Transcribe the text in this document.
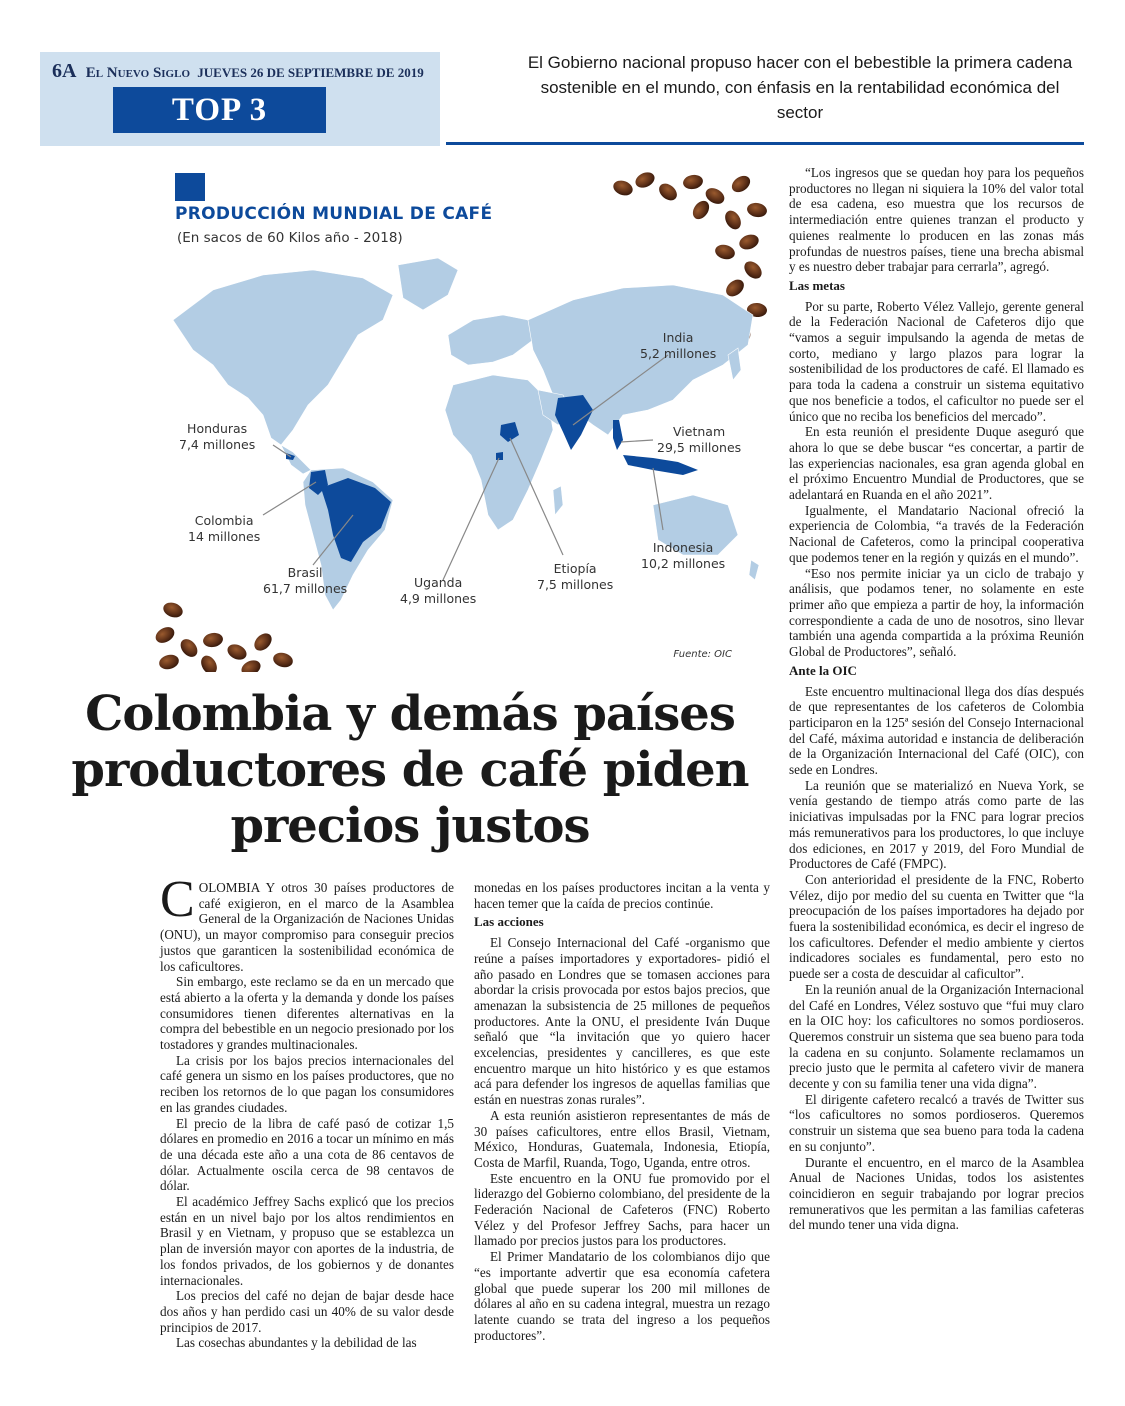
6A El Nuevo Siglo JUEVES 26 DE SEPTIEMBRE DE 2019
TOP 3
El Gobierno nacional propuso hacer con el bebestible la primera cadena sostenible en el mundo, con énfasis en la rentabilidad económica del sector
PRODUCCIÓN MUNDIAL DE CAFÉ
(En sacos de 60 Kilos año - 2018)
India
5,2 millones
Honduras
7,4 millones
Vietnam
29,5 millones
Colombia
14 millones
Indonesia
10,2 millones
Brasil
61,7 millones	Uganda
4,9 millones
Etiopía
7,5 millones
Fuente: OIC
Colombia y demás países productores de café piden precios justos

COLOMBIA Y otros 30 países productores de café exigieron, en el marco de la Asamblea General de la Organización de Naciones Unidas (ONU), un mayor compromiso para conseguir precios justos que garanticen la sostenibilidad económica de los caficultores.

Sin embargo, este reclamo se da en un mercado que está abierto a la oferta y la demanda y donde los países consumidores tienen diferentes alternativas en la compra del bebestible en un negocio presionado por los tostadores y grandes multinacionales.

La crisis por los bajos precios internacionales del café genera un sismo en los países productores, que no reciben los retornos de lo que pagan los consumidores en las grandes ciudades.

El precio de la libra de café pasó de cotizar 1,5 dólares en promedio en 2016 a tocar un mínimo en más de una década este año a una cota de 86 centavos de dólar. Actualmente oscila cerca de 98 centavos de dólar.

El académico Jeffrey Sachs explicó que los precios están en un nivel bajo por los altos rendimientos en Brasil y en Vietnam, y propuso que se establezca un plan de inversión mayor con aportes de la industria, de los fondos privados, de los gobiernos y de donantes internacionales.

Los precios del café no dejan de bajar desde hace dos años y han perdido casi un 40% de su valor desde principios de 2017.

Las cosechas abundantes y la debilidad de las

monedas en los países productores incitan a la venta y hacen temer que la caída de precios continúe.

Las acciones

El Consejo Internacional del Café -organismo que reúne a países importadores y exportadores- pidió el año pasado en Londres que se tomasen acciones para abordar la crisis provocada por estos bajos precios, que amenazan la subsistencia de 25 millones de pequeños productores. Ante la ONU, el presidente Iván Duque señaló que “la invitación que yo quiero hacer excelencias, presidentes y cancilleres, es que este encuentro marque un hito histórico y es que estamos acá para defender los ingresos de aquellas familias que están en nuestras zonas rurales”.

A esta reunión asistieron representantes de más de 30 países caficultores, entre ellos Brasil, Vietnam, México, Honduras, Guatemala, Indonesia, Etiopía, Costa de Marfil, Ruanda, Togo, Uganda, entre otros.

Este encuentro en la ONU fue promovido por el liderazgo del Gobierno colombiano, del presidente de la Federación Nacional de Cafeteros (FNC) Roberto Vélez y del Profesor Jeffrey Sachs, para hacer un llamado por precios justos para los productores.

El Primer Mandatario de los colombianos dijo que “es importante advertir que esa economía cafetera global que puede superar los 200 mil millones de dólares al año en su cadena integral, muestra un rezago latente cuando se trata del ingreso a los pequeños productores”.

“Los ingresos que se quedan hoy para los pequeños productores no llegan ni siquiera la 10% del valor total de esa cadena, eso muestra que los recursos de intermediación entre quienes tranzan el producto y quienes realmente lo producen en las zonas más profundas de nuestros países, tiene una brecha abismal y es nuestro deber trabajar para cerrarla”, agregó.

Las metas

Por su parte, Roberto Vélez Vallejo, gerente general de la Federación Nacional de Cafeteros dijo que “vamos a seguir impulsando la agenda de metas de corto, mediano y largo plazos para lograr la sostenibilidad de los productores de café. El llamado es para toda la cadena a construir un sistema equitativo que nos beneficie a todos, el caficultor no puede ser el único que no reciba los beneficios del mercado”.

En esta reunión el presidente Duque aseguró que ahora lo que se debe buscar “es concertar, a partir de las experiencias nacionales, esa gran agenda global en el próximo Encuentro Mundial de Productores, que se adelantará en Ruanda en el año 2021”.

Igualmente, el Mandatario Nacional ofreció la experiencia de Colombia, “a través de la Federación Nacional de Cafeteros, como la principal cooperativa que podemos tener en la región y quizás en el mundo”.

“Eso nos permite iniciar ya un ciclo de trabajo y análisis, que podamos tener, no solamente en este primer año que empieza a partir de hoy, la información correspondiente a cada de uno de nosotros, sino llevar también una agenda compartida a la próxima Reunión Global de Productores”, señaló.

Ante la OIC

Este encuentro multinacional llega dos días después de que representantes de los cafeteros de Colombia participaron en la 125ª sesión del Consejo Internacional del Café, máxima autoridad e instancia de deliberación de la Organización Internacional del Café (OIC), con sede en Londres.

La reunión que se materializó en Nueva York, se venía gestando de tiempo atrás como parte de las iniciativas impulsadas por la FNC para lograr precios más remunerativos para los productores, lo que incluye dos ediciones, en 2017 y 2019, del Foro Mundial de Productores de Café (FMPC).

Con anterioridad el presidente de la FNC, Roberto Vélez, dijo por medio del su cuenta en Twitter que “la preocupación de los países importadores ha dejado por fuera la sostenibilidad económica, es decir el ingreso de los caficultores. Defender el medio ambiente y ciertos indicadores sociales es fundamental, pero esto no puede ser a costa de descuidar al caficultor”.

En la reunión anual de la Organización Internacional del Café en Londres, Vélez sostuvo que “fui muy claro en la OIC hoy: los caficultores no somos pordioseros. Queremos construir un sistema que sea bueno para toda la cadena en su conjunto. Solamente reclamamos un precio justo que le permita al cafetero vivir de manera decente y con su familia tener una vida digna”.

El dirigente cafetero recalcó a través de Twitter sus “los caficultores no somos pordioseros. Queremos construir un sistema que sea bueno para toda la cadena en su conjunto”.

Durante el encuentro, en el marco de la Asamblea Anual de Naciones Unidas, todos los asistentes coincidieron en seguir trabajando por lograr precios remunerativos que les permitan a las familias cafeteras del mundo tener una vida digna.
